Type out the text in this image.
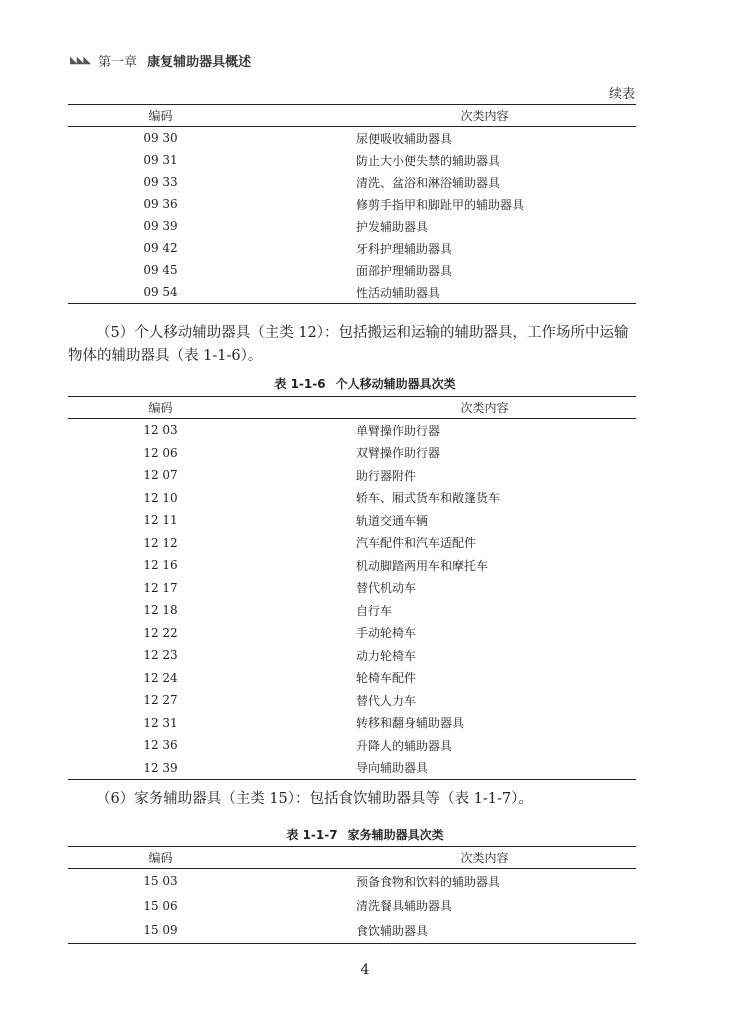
◣◣◣ 第一章 康复辅助器具概述
续表
编码	次类内容
09 30	尿便吸收辅助器具
09 31	防止大小便失禁的辅助器具
09 33	清洗、盆浴和淋浴辅助器具
09 36	修剪手指甲和脚趾甲的辅助器具
09 39	护发辅助器具
09 42	牙科护理辅助器具
09 45	面部护理辅助器具
09 54	性活动辅助器具
（5）个人移动辅助器具（主类 12）：包括搬运和运输的辅助器具，工作场所中运输物体的辅助器具（表 1-1-6）。
表 1-1-6 个人移动辅助器具次类
编码	次类内容
12 03	单臂操作助行器
12 06	双臂操作助行器
12 07	助行器附件
12 10	轿车、厢式货车和敞篷货车
12 11	轨道交通车辆
12 12	汽车配件和汽车适配件
12 16	机动脚踏两用车和摩托车
12 17	替代机动车
12 18	自行车
12 22	手动轮椅车
12 23	动力轮椅车
12 24	轮椅车配件
12 27	替代人力车
12 31	转移和翻身辅助器具
12 36	升降人的辅助器具
12 39	导向辅助器具
（6）家务辅助器具（主类 15）：包括食饮辅助器具等（表 1-1-7）。
表 1-1-7 家务辅助器具次类
编码	次类内容
15 03	预备食物和饮料的辅助器具
15 06	清洗餐具辅助器具
15 09	食饮辅助器具
4
